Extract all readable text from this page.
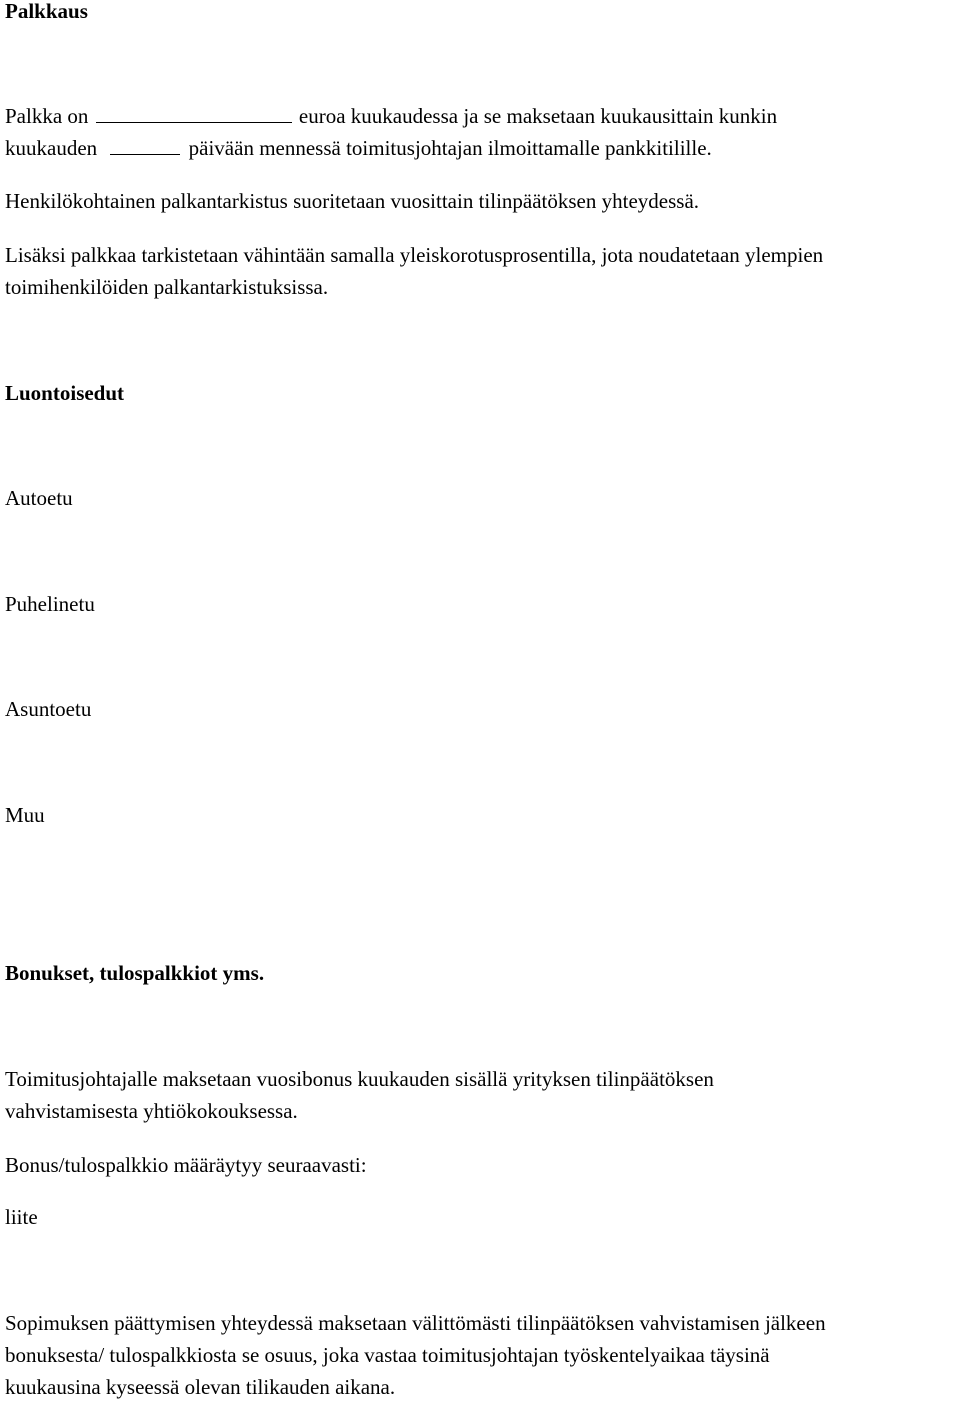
Palkkaus

Palkka on	euroa kuukaudessa ja se maksetaan kuukausittain kunkin
kuukauden	päivään mennessä toimitusjohtajan ilmoittamalle pankkitilille.

Henkilökohtainen palkantarkistus suoritetaan vuosittain tilinpäätöksen yhteydessä.

Lisäksi palkkaa tarkistetaan vähintään samalla yleiskorotusprosentilla, jota noudatetaan ylempien
toimihenkilöiden palkantarkistuksissa.

Luontoisedut

Autoetu

Puhelinetu

Asuntoetu

Muu

Bonukset, tulospalkkiot yms.

Toimitusjohtajalle maksetaan vuosibonus kuukauden sisällä yrityksen tilinpäätöksen
vahvistamisesta yhtiökokouksessa.

Bonus/tulospalkkio määräytyy seuraavasti:

liite

Sopimuksen päättymisen yhteydessä maksetaan välittömästi tilinpäätöksen vahvistamisen jälkeen
bonuksesta/ tulospalkkiosta se osuus, joka vastaa toimitusjohtajan työskentelyaikaa täysinä
kuukausina kyseessä olevan tilikauden aikana.
